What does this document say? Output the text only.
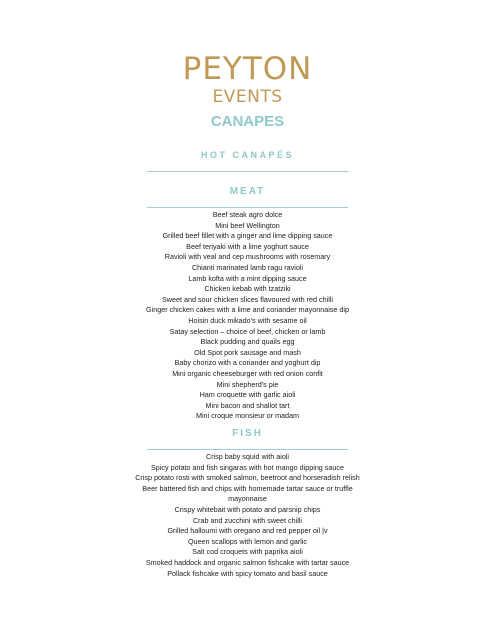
PEYTON
EVENTS
CANAPES
HOT CANAPÉS
MEAT
Beef steak agro dolce
Mini beef Wellington
Grilled beef fillet with a ginger and lime dipping sauce
Beef teriyaki with a lime yoghurt sauce
Ravioli with veal and cep mushrooms with rosemary
Chianti marinated lamb ragu ravioli
Lamb kofta with a mint dipping sauce
Chicken kebab with tzatziki
Sweet and sour chicken slices flavoured with red chilli
Ginger chicken cakes with a lime and coriander mayonnaise dip
Hoisin duck mikado's with sesame oil
Satay selection – choice of beef, chicken or lamb
Black pudding and quails egg
Old Spot pork sausage and mash
Baby chorizo with a coriander and yoghurt dip
Mini organic cheeseburger with red onion confit
Mini shepherd's pie
Ham croquette with garlic aioli
Mini bacon and shallot tart
Mini croque monsieur or madam
FISH
Crisp baby squid with aioli
Spicy potato and fish singaras with hot mango dipping sauce
Crisp potato rosti with smoked salmon, beetroot and horseradish relish
Beer battered fish and chips with homemade tartar sauce or truffle mayonnaise
Crispy whitebait with potato and parsnip chips
Crab and zucchini with sweet chilli
Grilled halloumi with oregano and red pepper oil |v
Queen scallops with lemon and garlic
Salt cod croquets with paprika aioli
Smoked haddock and organic salmon fishcake with tartar sauce
Pollack fishcake with spicy tomato and basil sauce
